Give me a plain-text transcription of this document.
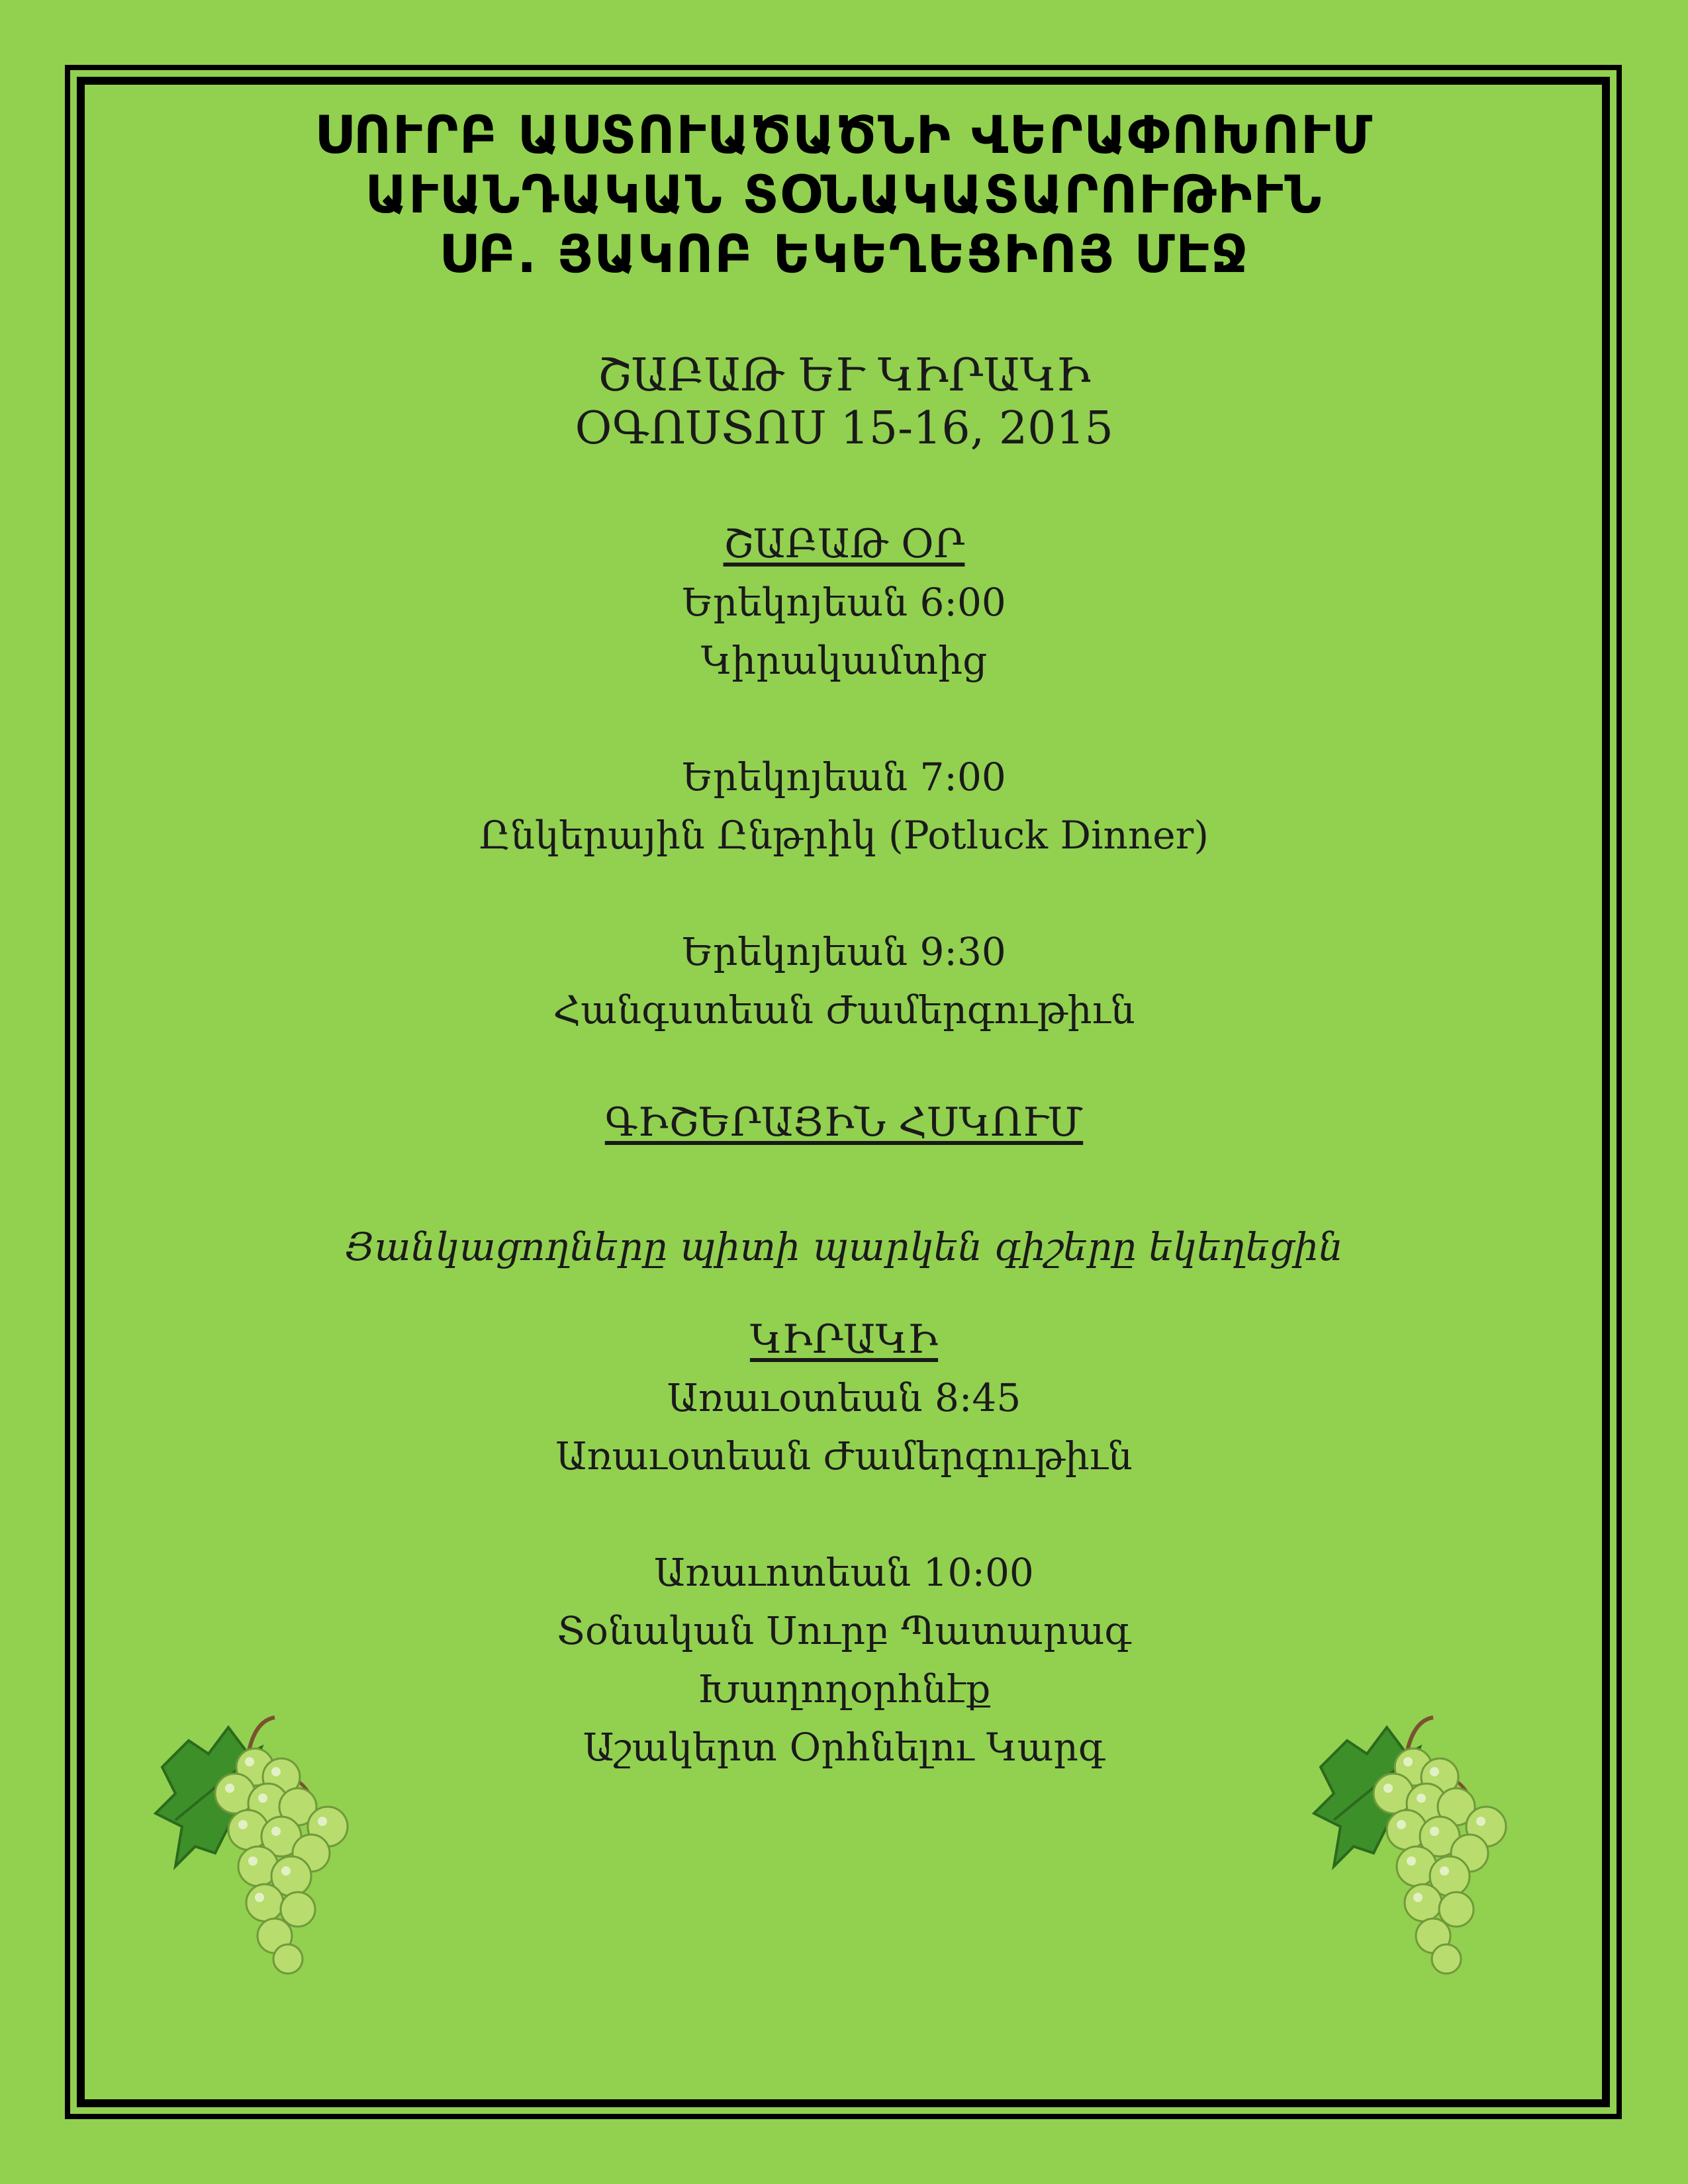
ՍՈՒՐԲ ԱՍՏՈՒԱԾԱԾՆԻ ՎԵՐԱՓՈԽՈՒՄ
ԱՒԱՆԴԱԿԱՆ ՏՕՆԱԿԱՏԱՐՈՒԹԻՒՆ
ՍԲ. ՅԱԿՈԲ ԵԿԵՂԵՑԻՈՅ ՄԷՋ
ՇԱԲԱԹ ԵՒ ԿԻՐԱԿԻ
ՕԳՈՍՏՈՍ 15-16, 2015
ՇԱԲԱԹ ՕՐ
Երեկոյեան 6:00
Կիրակամտից
Երեկոյեան 7:00
Ընկերային Ընթրիկ (Potluck Dinner)
Երեկոյեան 9:30
Հանգստեան Ժամերգութիւն
ԳԻՇԵՐԱՅԻՆ ՀՍԿՈՒՄ
Յանկացողները պիտի պարկեն գիշերը եկեղեցին
ԿԻՐԱԿԻ
Առաւօտեան 8:45
Առաւօտեան Ժամերգութիւն
Առաւոտեան 10:00
Տօնական Սուրբ Պատարագ
Խաղողօրհնէք
Աշակերտ Օրհնելու Կարգ
